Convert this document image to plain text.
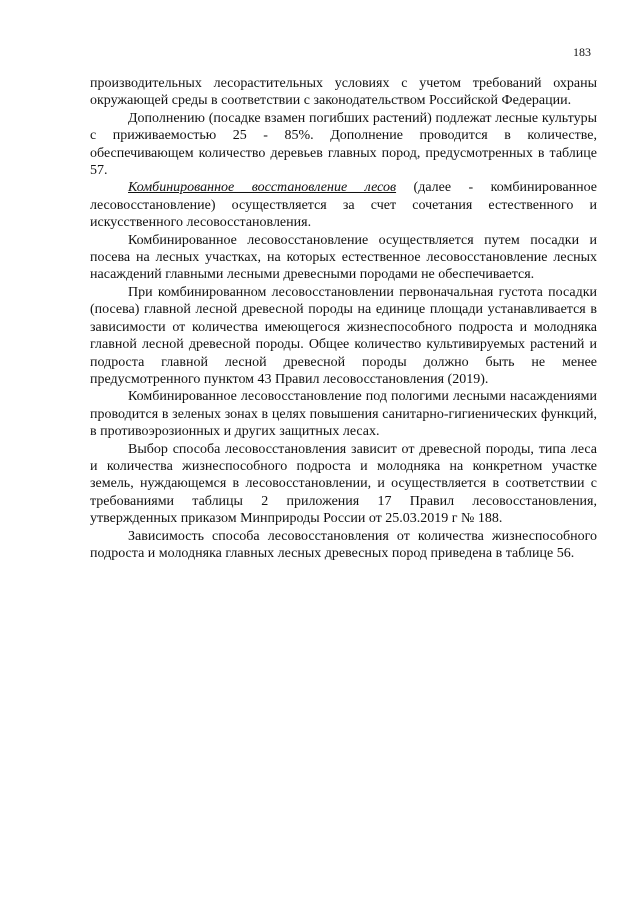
183

производительных лесорастительных условиях с учетом требований охраны окружающей среды в соответствии с законодательством Российской Федерации.

Дополнению (посадке взамен погибших растений) подлежат лесные культуры с приживаемостью 25 - 85%. Дополнение проводится в количестве, обеспечивающем количество деревьев главных пород, предусмотренных в таблице 57.

Комбинированное восстановление лесов (далее - комбинированное лесовосстановление) осуществляется за счет сочетания естественного и искусственного лесовосстановления.

Комбинированное лесовосстановление осуществляется путем посадки и посева на лесных участках, на которых естественное лесовосстановление лесных насаждений главными лесными древесными породами не обеспечивается.

При комбинированном лесовосстановлении первоначальная густота посадки (посева) главной лесной древесной породы на единице площади устанавливается в зависимости от количества имеющегося жизнеспособного подроста и молодняка главной лесной древесной породы. Общее количество культивируемых растений и подроста главной лесной древесной породы должно быть не менее предусмотренного пунктом 43 Правил лесовосстановления (2019).

Комбинированное лесовосстановление под пологими лесными насаждениями проводится в зеленых зонах в целях повышения санитарно-гигиенических функций, в противоэрозионных и других защитных лесах.

Выбор способа лесовосстановления зависит от древесной породы, типа леса и количества жизнеспособного подроста и молодняка на конкретном участке земель, нуждающемся в лесовосстановлении, и осуществляется в соответствии с требованиями таблицы 2 приложения 17 Правил лесовосстановления, утвержденных приказом Минприроды России от 25.03.2019 г № 188.

Зависимость способа лесовосстановления от количества жизнеспособного подроста и молодняка главных лесных древесных пород приведена в таблице 56.
